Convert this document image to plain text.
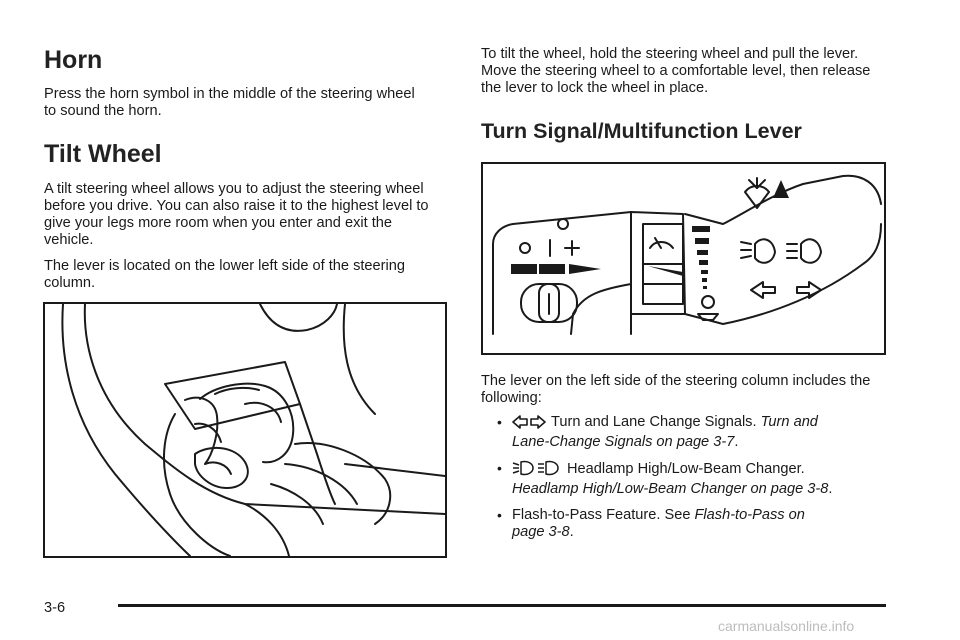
Horn

Press the horn symbol in the middle of the steering wheel to sound the horn.

Tilt Wheel

A tilt steering wheel allows you to adjust the steering wheel before you drive. You can also raise it to the highest level to give your legs more room when you enter and exit the vehicle.

The lever is located on the lower left side of the steering column.

To tilt the wheel, hold the steering wheel and pull the lever. Move the steering wheel to a comfortable level, then release the lever to lock the wheel in place.

Turn Signal/Multifunction Lever

The lever on the left side of the steering column includes the following:

•	Turn and Lane Change Signals. Turn and
Lane-Change Signals on page 3-7.
•	Headlamp High/Low-Beam Changer.
Headlamp High/Low-Beam Changer on page 3-8.
• Flash-to-Pass Feature. See Flash-to-Pass on
page 3-8.
3-6
carmanualsonline.info
